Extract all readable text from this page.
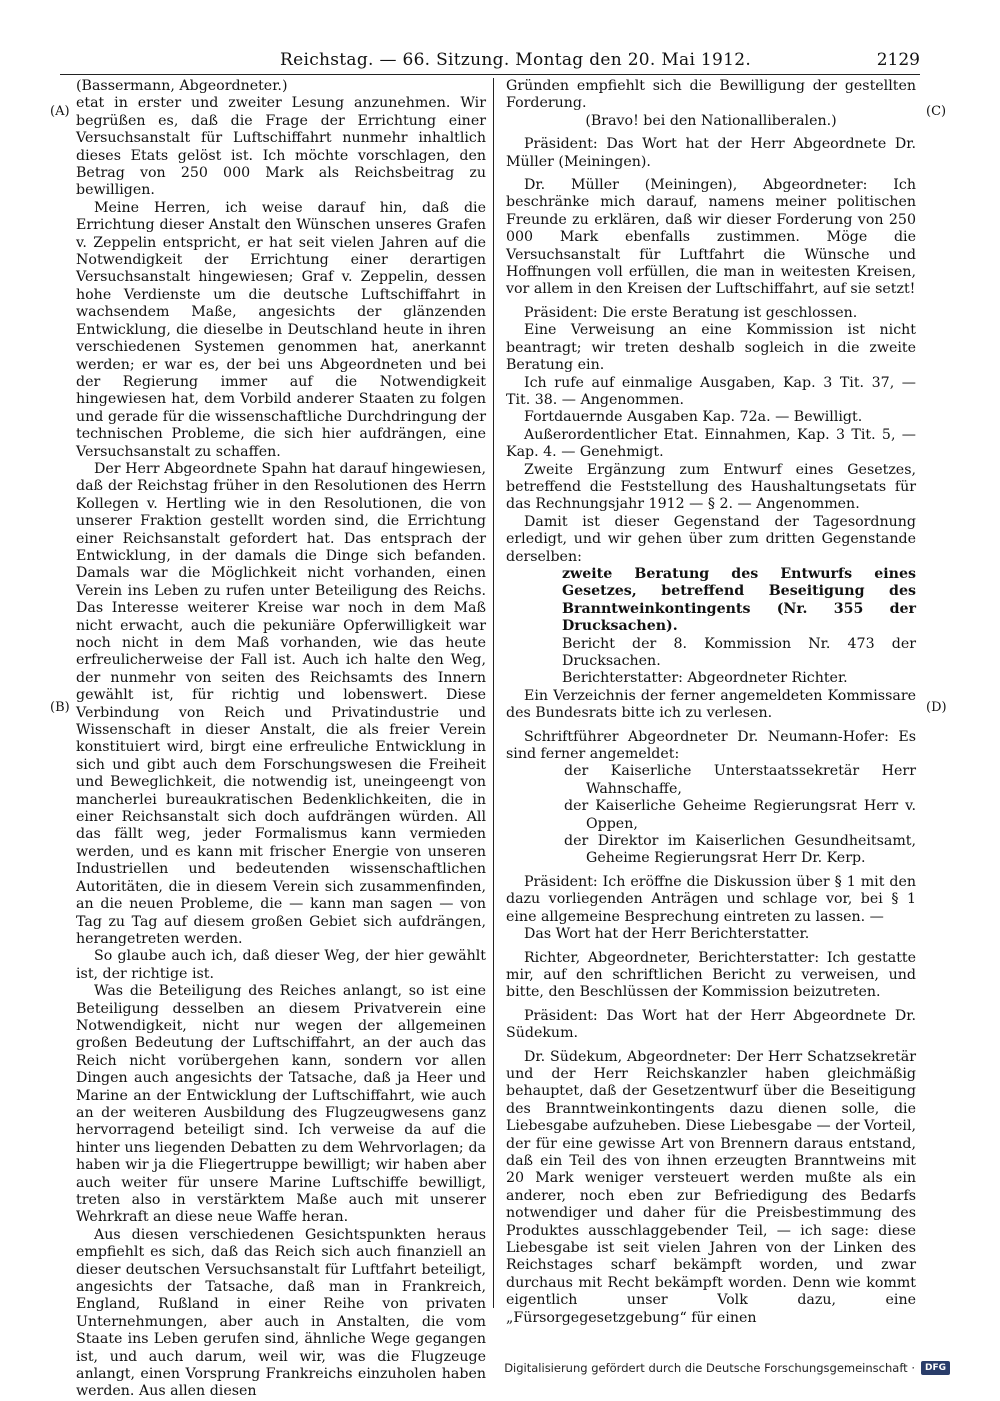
Reichstag. — 66. Sitzung. Montag den 20. Mai 1912.	2129
(A)
(B)
(C)
(D)

(Bassermann, Abgeordneter.)

etat in erster und zweiter Lesung anzunehmen. Wir begrüßen es, daß die Frage der Errichtung einer Versuchsanstalt für Luftschiffahrt nunmehr inhaltlich dieses Etats gelöst ist. Ich möchte vorschlagen, den Betrag von 250 000 Mark als Reichsbeitrag zu bewilligen.

Meine Herren, ich weise darauf hin, daß die Errichtung dieser Anstalt den Wünschen unseres Grafen v. Zeppelin entspricht, er hat seit vielen Jahren auf die Notwendigkeit der Errichtung einer derartigen Versuchsanstalt hingewiesen; Graf v. Zeppelin, dessen hohe Verdienste um die deutsche Luftschiffahrt in wachsendem Maße, angesichts der glänzenden Entwicklung, die dieselbe in Deutschland heute in ihren verschiedenen Systemen genommen hat, anerkannt werden; er war es, der bei uns Abgeordneten und bei der Regierung immer auf die Notwendigkeit hingewiesen hat, dem Vorbild anderer Staaten zu folgen und gerade für die wissenschaftliche Durchdringung der technischen Probleme, die sich hier aufdrängen, eine Versuchsanstalt zu schaffen.

Der Herr Abgeordnete Spahn hat darauf hingewiesen, daß der Reichstag früher in den Resolutionen des Herrn Kollegen v. Hertling wie in den Resolutionen, die von unserer Fraktion gestellt worden sind, die Errichtung einer Reichsanstalt gefordert hat. Das entsprach der Entwicklung, in der damals die Dinge sich befanden. Damals war die Möglichkeit nicht vorhanden, einen Verein ins Leben zu rufen unter Beteiligung des Reichs. Das Interesse weiterer Kreise war noch in dem Maß nicht erwacht, auch die pekuniäre Opferwilligkeit war noch nicht in dem Maß vorhanden, wie das heute erfreulicherweise der Fall ist. Auch ich halte den Weg, der nunmehr von seiten des Reichsamts des Innern gewählt ist, für richtig und lobenswert. Diese Verbindung von Reich und Privatindustrie und Wissenschaft in dieser Anstalt, die als freier Verein konstituiert wird, birgt eine erfreuliche Entwicklung in sich und gibt auch dem Forschungswesen die Freiheit und Beweglichkeit, die notwendig ist, uneingeengt von mancherlei bureaukratischen Bedenklichkeiten, die in einer Reichsanstalt sich doch aufdrängen würden. All das fällt weg, jeder Formalismus kann vermieden werden, und es kann mit frischer Energie von unseren Industriellen und bedeutenden wissenschaftlichen Autoritäten, die in diesem Verein sich zusammenfinden, an die neuen Probleme, die — kann man sagen — von Tag zu Tag auf diesem großen Gebiet sich aufdrängen, herangetreten werden.

So glaube auch ich, daß dieser Weg, der hier gewählt ist, der richtige ist.

Was die Beteiligung des Reiches anlangt, so ist eine Beteiligung desselben an diesem Privatverein eine Notwendigkeit, nicht nur wegen der allgemeinen großen Bedeutung der Luftschiffahrt, an der auch das Reich nicht vorübergehen kann, sondern vor allen Dingen auch angesichts der Tatsache, daß ja Heer und Marine an der Entwicklung der Luftschiffahrt, wie auch an der weiteren Ausbildung des Flugzeugwesens ganz hervorragend beteiligt sind. Ich verweise da auf die hinter uns liegenden Debatten zu dem Wehrvorlagen; da haben wir ja die Fliegertruppe bewilligt; wir haben aber auch weiter für unsere Marine Luftschiffe bewilligt, treten also in verstärktem Maße auch mit unserer Wehrkraft an diese neue Waffe heran.

Aus diesen verschiedenen Gesichtspunkten heraus empfiehlt es sich, daß das Reich sich auch finanziell an dieser deutschen Versuchsanstalt für Luftfahrt beteiligt, angesichts der Tatsache, daß man in Frankreich, England, Rußland in einer Reihe von privaten Unternehmungen, aber auch in Anstalten, die vom Staate ins Leben gerufen sind, ähnliche Wege gegangen ist, und auch darum, weil wir, was die Flugzeuge anlangt, einen Vorsprung Frankreichs einzuholen haben werden. Aus allen diesen

Gründen empfiehlt sich die Bewilligung der gestellten Forderung.

(Bravo! bei den Nationalliberalen.)

Präsident: Das Wort hat der Herr Abgeordnete Dr. Müller (Meiningen).

Dr. Müller (Meiningen), Abgeordneter: Ich beschränke mich darauf, namens meiner politischen Freunde zu erklären, daß wir dieser Forderung von 250 000 Mark ebenfalls zustimmen. Möge die Versuchsanstalt für Luftfahrt die Wünsche und Hoffnungen voll erfüllen, die man in weitesten Kreisen, vor allem in den Kreisen der Luftschiffahrt, auf sie setzt!

Präsident: Die erste Beratung ist geschlossen.

Eine Verweisung an eine Kommission ist nicht beantragt; wir treten deshalb sogleich in die zweite Beratung ein.

Ich rufe auf einmalige Ausgaben, Kap. 3 Tit. 37, — Tit. 38. — Angenommen.

Fortdauernde Ausgaben Kap. 72a. — Bewilligt.

Außerordentlicher Etat. Einnahmen, Kap. 3 Tit. 5, — Kap. 4. — Genehmigt.

Zweite Ergänzung zum Entwurf eines Gesetzes, betreffend die Feststellung des Haushaltungsetats für das Rechnungsjahr 1912 — § 2. — Angenommen.

Damit ist dieser Gegenstand der Tagesordnung erledigt, und wir gehen über zum dritten Gegenstande derselben:

zweite Beratung des Entwurfs eines Gesetzes, betreffend Beseitigung des Branntweinkontingents (Nr. 355 der Drucksachen).

Bericht der 8. Kommission Nr. 473 der Drucksachen.

Berichterstatter: Abgeordneter Richter.

Ein Verzeichnis der ferner angemeldeten Kommissare des Bundesrats bitte ich zu verlesen.

Schriftführer Abgeordneter Dr. Neumann-Hofer: Es sind ferner angemeldet:

der Kaiserliche Unterstaatssekretär Herr Wahnschaffe,

der Kaiserliche Geheime Regierungsrat Herr v. Oppen,

der Direktor im Kaiserlichen Gesundheitsamt, Geheime Regierungsrat Herr Dr. Kerp.

Präsident: Ich eröffne die Diskussion über § 1 mit den dazu vorliegenden Anträgen und schlage vor, bei § 1 eine allgemeine Besprechung eintreten zu lassen. —

Das Wort hat der Herr Berichterstatter.

Richter, Abgeordneter, Berichterstatter: Ich gestatte mir, auf den schriftlichen Bericht zu verweisen, und bitte, den Beschlüssen der Kommission beizutreten.

Präsident: Das Wort hat der Herr Abgeordnete Dr. Südekum.

Dr. Südekum, Abgeordneter: Der Herr Schatzsekretär und der Herr Reichskanzler haben gleichmäßig behauptet, daß der Gesetzentwurf über die Beseitigung des Branntweinkontingents dazu dienen solle, die Liebesgabe aufzuheben. Diese Liebesgabe — der Vorteil, der für eine gewisse Art von Brennern daraus entstand, daß ein Teil des von ihnen erzeugten Branntweins mit 20 Mark weniger versteuert werden mußte als ein anderer, noch eben zur Befriedigung des Bedarfs notwendiger und daher für die Preisbestimmung des Produktes ausschlaggebender Teil, — ich sage: diese Liebesgabe ist seit vielen Jahren von der Linken des Reichstages scharf bekämpft worden, und zwar durchaus mit Recht bekämpft worden. Denn wie kommt eigentlich unser Volk dazu, eine „Fürsorgegesetzgebung“ für einen

Digitalisierung gefördert durch die Deutsche Forschungsgemeinschaft ·	DFG
